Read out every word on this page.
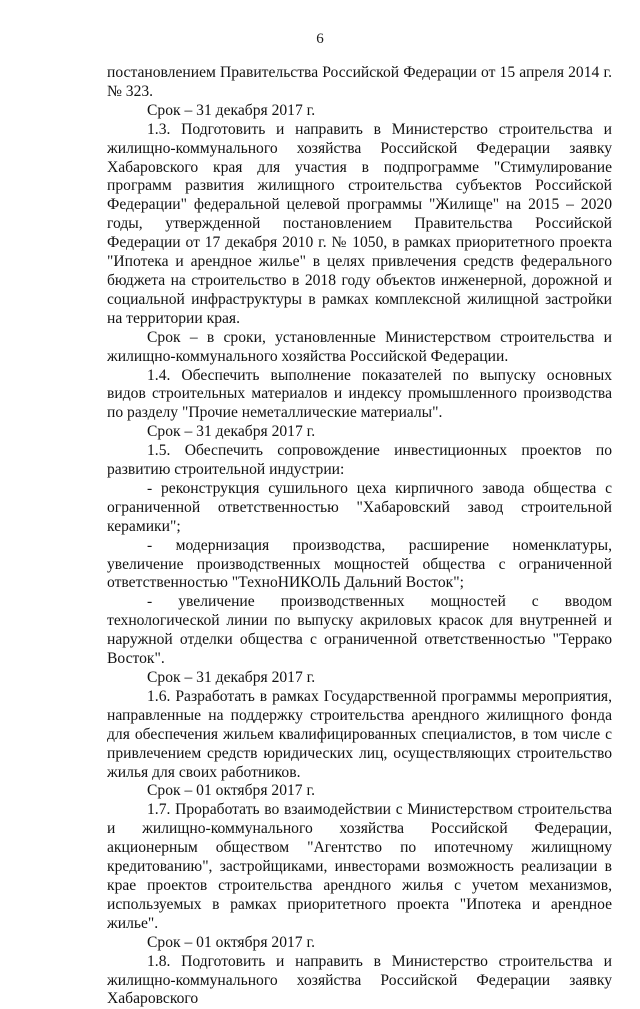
6

постановлением Правительства Российской Федерации от 15 апреля 2014 г. № 323.

Срок – 31 декабря 2017 г.

1.3. Подготовить и направить в Министерство строительства и жилищно-коммунального хозяйства Российской Федерации заявку Хабаровского края для участия в подпрограмме "Стимулирование программ развития жилищного строительства субъектов Российской Федерации" федеральной целевой программы "Жилище" на 2015 – 2020 годы, утвержденной постановлением Правительства Российской Федерации от 17 декабря 2010 г. № 1050, в рамках приоритетного проекта "Ипотека и арендное жилье" в целях привлечения средств федерального бюджета на строительство в 2018 году объектов инженерной, дорожной и социальной инфраструктуры в рамках комплексной жилищной застройки на территории края.

Срок – в сроки, установленные Министерством строительства и жилищно-коммунального хозяйства Российской Федерации.

1.4. Обеспечить выполнение показателей по выпуску основных видов строительных материалов и индексу промышленного производства по разделу "Прочие неметаллические материалы".

Срок – 31 декабря 2017 г.

1.5. Обеспечить сопровождение инвестиционных проектов по развитию строительной индустрии:

- реконструкция сушильного цеха кирпичного завода общества с ограниченной ответственностью "Хабаровский завод строительной керамики";

- модернизация производства, расширение номенклатуры, увеличение производственных мощностей общества с ограниченной ответственностью "ТехноНИКОЛЬ Дальний Восток";

- увеличение производственных мощностей с вводом технологической линии по выпуску акриловых красок для внутренней и наружной отделки общества с ограниченной ответственностью "Террако Восток".

Срок – 31 декабря 2017 г.

1.6. Разработать в рамках Государственной программы мероприятия, направленные на поддержку строительства арендного жилищного фонда для обеспечения жильем квалифицированных специалистов, в том числе с привлечением средств юридических лиц, осуществляющих строительство жилья для своих работников.

Срок – 01 октября 2017 г.

1.7. Проработать во взаимодействии с Министерством строительства и жилищно-коммунального хозяйства Российской Федерации, акционерным обществом "Агентство по ипотечному жилищному кредитованию", застройщиками, инвесторами возможность реализации в крае проектов строительства арендного жилья с учетом механизмов, используемых в рамках приоритетного проекта "Ипотека и арендное жилье".

Срок – 01 октября 2017 г.

1.8. Подготовить и направить в Министерство строительства и жилищно-коммунального хозяйства Российской Федерации заявку Хабаровского
